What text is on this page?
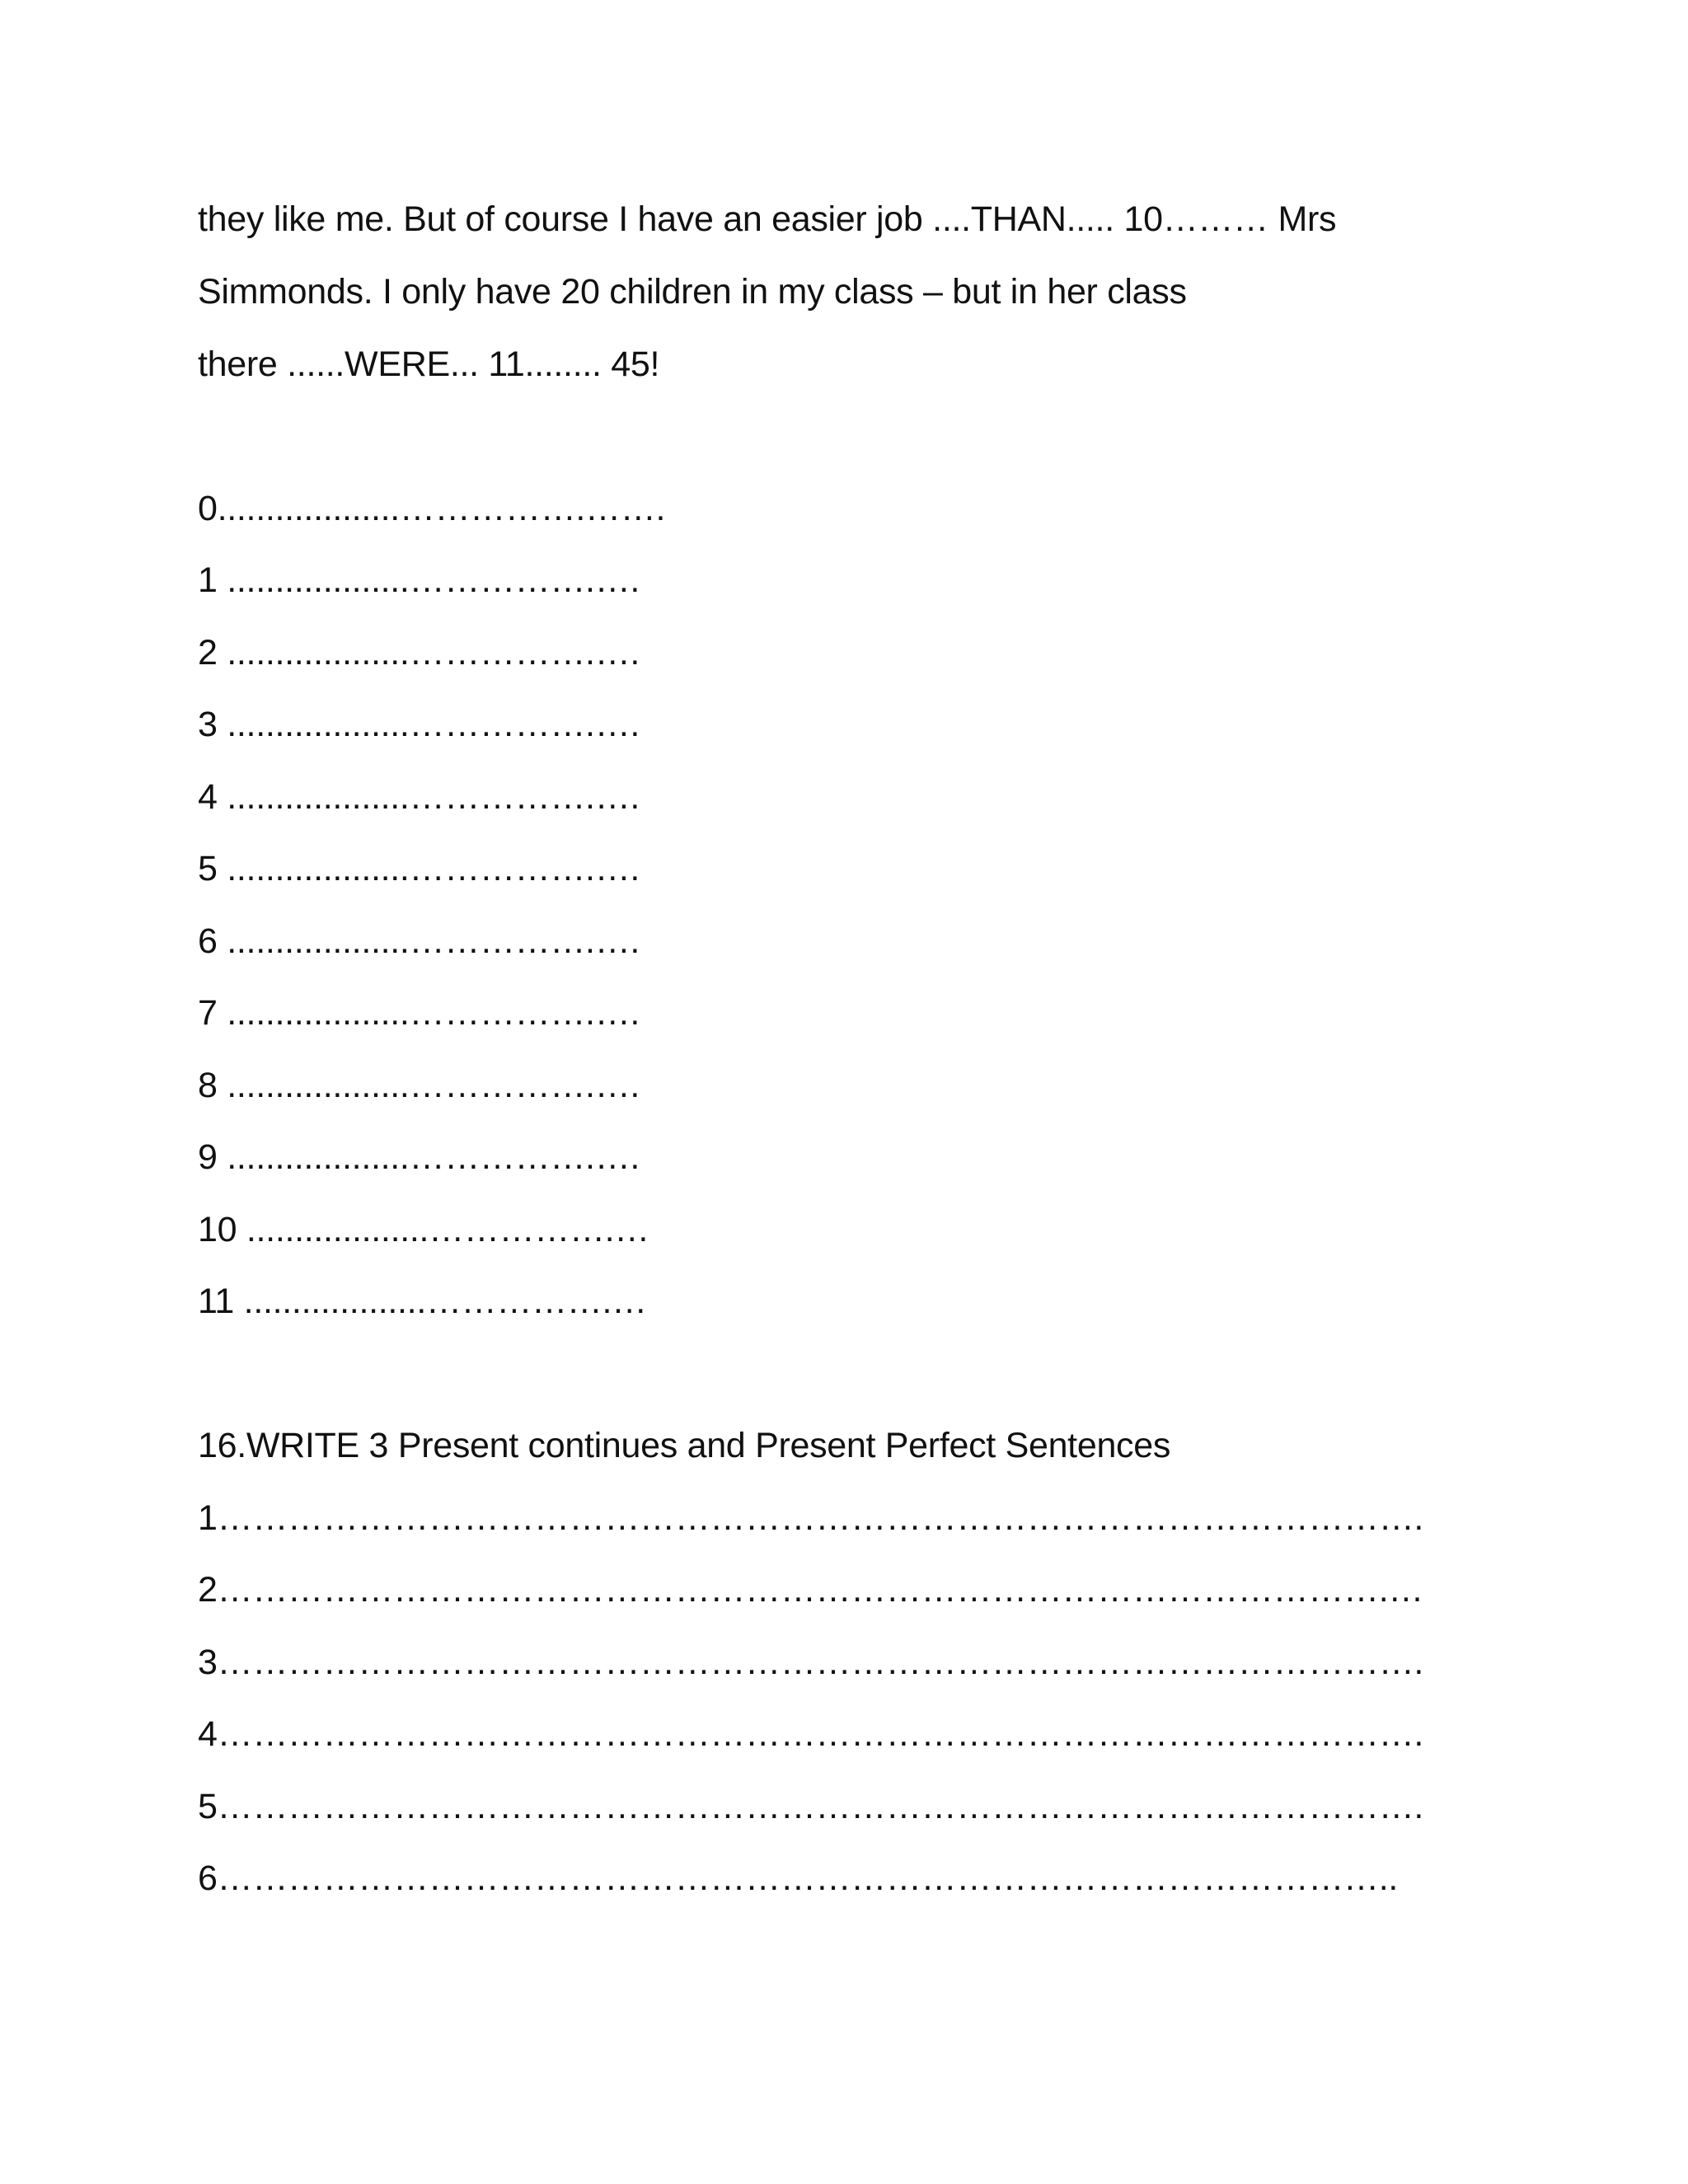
they like me. But of course I have an easier job ....THAN..... 10……… Mrs
Simmonds. I only have 20 children in my class – but in her class
there ......WERE... 11........ 45!
0...................…………….…….
1 ...................…………….….
2 ...................…………….….
3 ...................…………….….
4 ...................…………….….
5 ...................…………….….
6 ...................…………….….
7 ...................…………….….
8 ...................…………….….
9 ...................…………….….
10 ...................…………….…
11 ...................…………….…
16.WRITE 3 Present continues and Present Perfect Sentences
1………………………………………………………………………………………….
2……………………………………………………………………………………….…
3………………………………………………………………………………………….
4………………………………………………………………………………………….
5………………………………………………………………………………………….
6………………………………………………………………………………………..
